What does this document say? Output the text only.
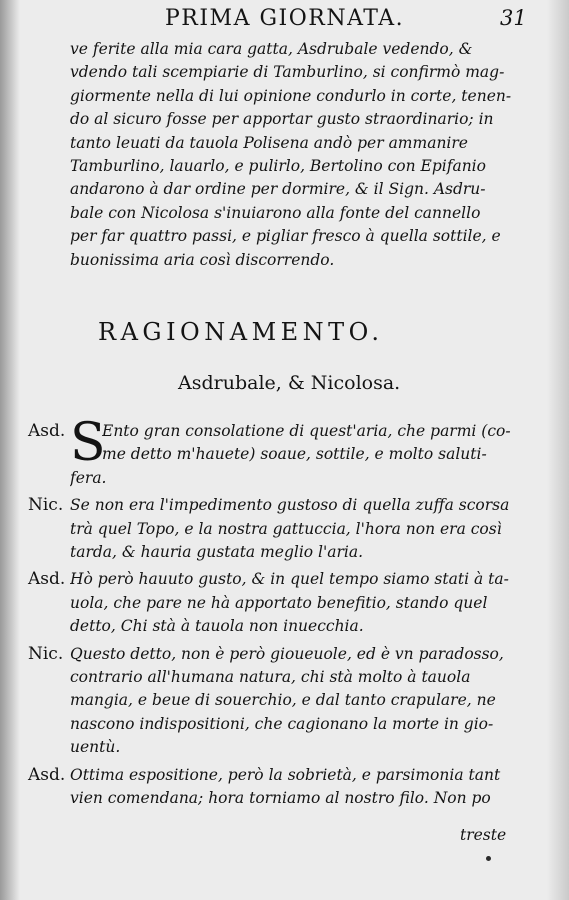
PRIMA GIORNATA.	31
ve ferite alla mia cara gatta, Asdrubale vedendo, &
vdendo tali scempiarie di Tamburlino, si confirmò mag-
giormente nella di lui opinione condurlo in corte, tenen-
do al sicuro fosse per apportar gusto straordinario; in
tanto leuati da tauola Polisena andò per ammanire
Tamburlino, lauarlo, e pulirlo, Bertolino con Epifanio
andarono à dar ordine per dormire, & il Sign. Asdru-
bale con Nicolosa s'inuiarono alla fonte del cannello
per far quattro passi, e pigliar fresco à quella sottile, e
buonissima aria così discorrendo.
RAGIONAMENTO.
Asdrubale, & Nicolosa.
Asd. S
Ento gran consolatione di quest'aria, che parmi (co-
me detto m'hauete) soaue, sottile, e molto saluti-
fera.
Nic. Se non era l'impedimento gustoso di quella zuffa scorsa
trà quel Topo, e la nostra gattuccia, l'hora non era così
tarda, & hauria gustata meglio l'aria.
Asd. Hò però hauuto gusto, & in quel tempo siamo stati à ta-
uola, che pare ne hà apportato benefitio, stando quel
detto, Chi stà à tauola non inuecchia.
Nic. Questo detto, non è però gioueuole, ed è vn paradosso,
contrario all'humana natura, chi stà molto à tauola
mangia, e beue di souerchio, e dal tanto crapulare, ne
nascono indispositioni, che cagionano la morte in gio-
uentù.
Asd. Ottima espositione, però la sobrietà, e parsimonia tant
vien comendana; hora torniamo al nostro filo. Non po
treste
